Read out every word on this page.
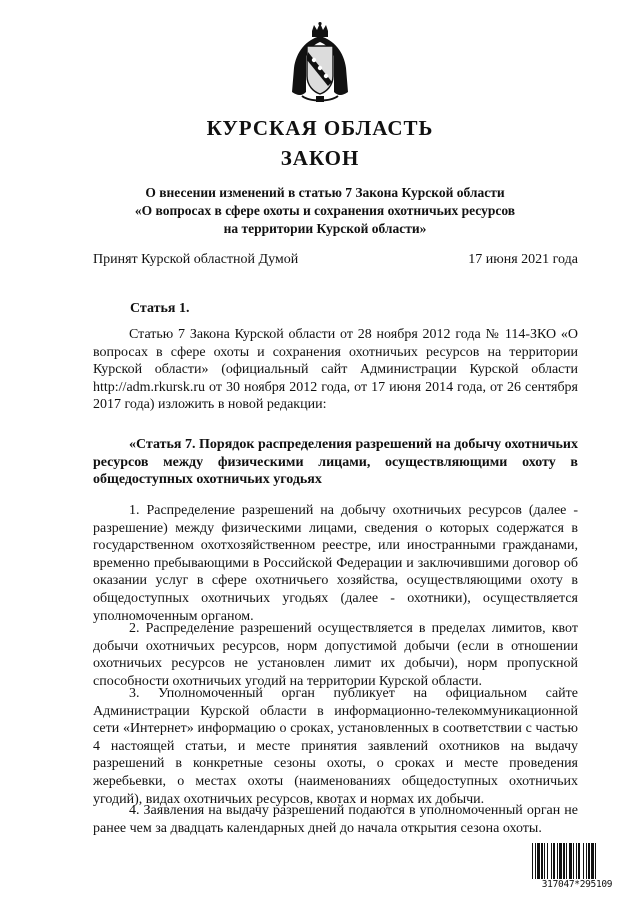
КУРСКАЯ ОБЛАСТЬ
ЗАКОН
О внесении изменений в статью 7 Закона Курской области
«О вопросах в сфере охоты и сохранения охотничьих ресурсов
на территории Курской области»
Принят Курской областной Думой	17 июня 2021 года
Статья 1.
Статью 7 Закона Курской области от 28 ноября 2012 года № 114-ЗКО «О вопросах в сфере охоты и сохранения охотничьих ресурсов на территории Курской области» (официальный сайт Администрации Курской области http://adm.rkursk.ru от 30 ноября 2012 года, от 17 июня 2014 года, от 26 сентября 2017 года) изложить в новой редакции:
«Статья 7. Порядок распределения разрешений на добычу охотничьих ресурсов между физическими лицами, осуществляющими охоту в общедоступных охотничьих угодьях
1. Распределение разрешений на добычу охотничьих ресурсов (далее - разрешение) между физическими лицами, сведения о которых содержатся в государственном охотхозяйственном реестре, или иностранными гражданами, временно пребывающими в Российской Федерации и заключившими договор об оказании услуг в сфере охотничьего хозяйства, осуществляющими охоту в общедоступных охотничьих угодьях (далее - охотники), осуществляется уполномоченным органом.
2. Распределение разрешений осуществляется в пределах лимитов, квот добычи охотничьих ресурсов, норм допустимой добычи (если в отношении охотничьих ресурсов не установлен лимит их добычи), норм пропускной способности охотничьих угодий на территории Курской области.
3. Уполномоченный орган публикует на официальном сайте Администрации Курской области в информационно-телекоммуникационной сети «Интернет» информацию о сроках, установленных в соответствии с частью 4 настоящей статьи, и месте принятия заявлений охотников на выдачу разрешений в конкретные сезоны охоты, о сроках и месте проведения жеребьевки, о местах охоты (наименованиях общедоступных охотничьих угодий), видах охотничьих ресурсов, квотах и нормах их добычи.
4. Заявления на выдачу разрешений подаются в уполномоченный орган не ранее чем за двадцать календарных дней до начала открытия сезона охоты.
317047*295109
